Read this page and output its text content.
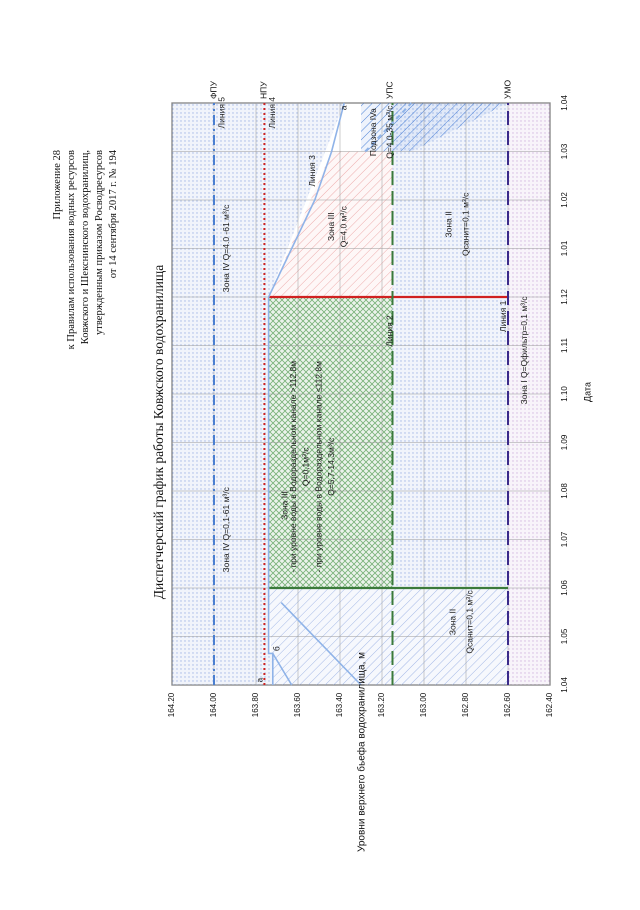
Приложение 28 к Правилам использования водных ресурсов Ковжского и Шекснинского водохранилищ, утвержденным приказом Росводресурсов от 14 сентября 2017 г. № 194
Зона IV Q=0,1-61 м³/с
Зона IV Q=4.0 -61 м³/с
Зона III
- при уровне воды в Водораздельном канале >112.8м Q=0,1м³/с - при уровне воды в Водораздельном канале ≤112.8м Q=5,7-14,3м³/с
Зона III Q=4.0 м³/с	Зона II Qсанит=0,1 м³/с
Зона II Qсанит=0,1 м³/с
Зона I Q=Qфильтр=0,1 м³/с
Линия 5	Линия 4
Линия 3
Линия 2	Линия 1
Подзона IVa Q=4.0-35 м³/с
а
б
а
ФПУ	НПУ	УПС	УМО
1.04
1.05
1.06
1.07
1.08
1.09
1.10
1.11
1.12
1.01
1.02
1.03
1.04
162.40
162.60
162.80
163.00
163.20
163.40
163.60
163.80
164.00
164.20
Дата
Уровни верхнего бьефа водохранилища, м
Диспетчерский график работы Ковжского водохранилища
